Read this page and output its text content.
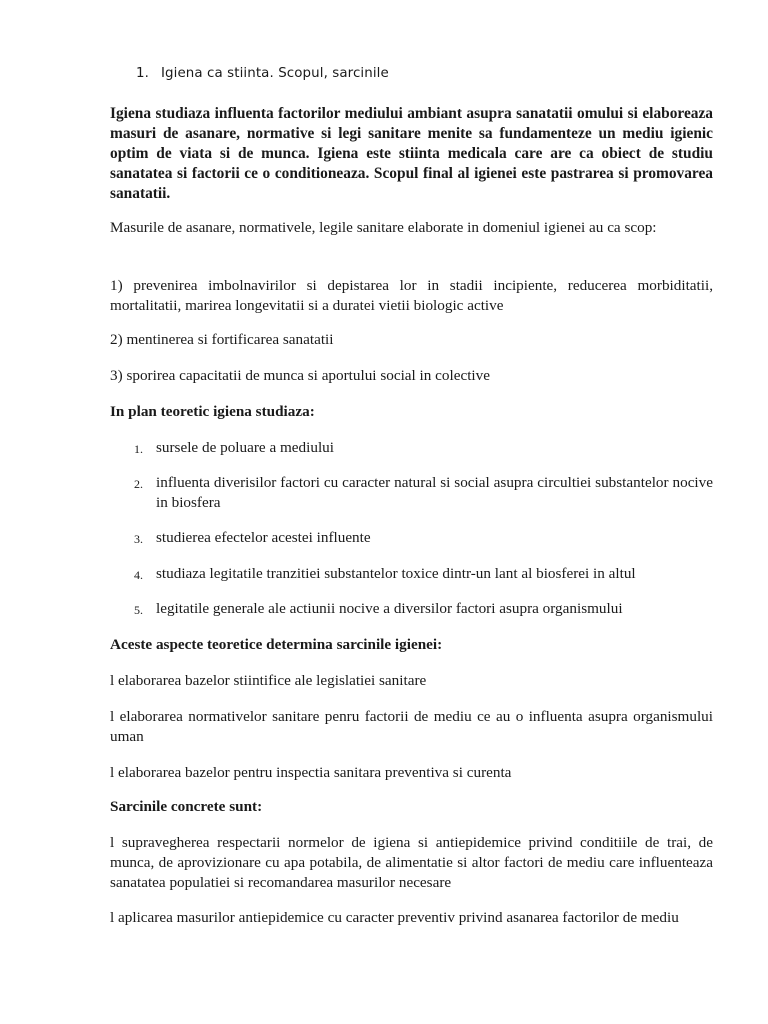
1. Igiena ca stiinta. Scopul, sarcinile

Igiena studiaza influenta factorilor mediului ambiant asupra sanatatii omului si elaboreaza masuri de asanare, normative si legi sanitare menite sa fundamenteze un mediu igienic optim de viata si de munca. Igiena este stiinta medicala care are ca obiect de studiu sanatatea si factorii ce o conditioneaza. Scopul final al igienei este pastrarea si promovarea sanatatii.

Masurile de asanare, normativele, legile sanitare elaborate in domeniul igienei au ca scop:

1) prevenirea imbolnavirilor si depistarea lor in stadii incipiente, reducerea morbiditatii, mortalitatii, marirea longevitatii si a duratei vietii biologic active

2) mentinerea si fortificarea sanatatii

3) sporirea capacitatii de munca si aportului social in colective

In plan teoretic igiena studiaza:

1. sursele de poluare a mediului
2. influenta diverisilor factori cu caracter natural si social asupra circultiei substantelor nocive in biosfera
3. studierea efectelor acestei influente
4. studiaza legitatile tranzitiei substantelor toxice dintr-un lant al biosferei in altul
5. legitatile generale ale actiunii nocive a diversilor factori asupra organismului

Aceste aspecte teoretice determina sarcinile igienei:

l elaborarea bazelor stiintifice ale legislatiei sanitare

l elaborarea normativelor sanitare penru factorii de mediu ce au o influenta asupra organismului uman

l elaborarea bazelor pentru inspectia sanitara preventiva si curenta

Sarcinile concrete sunt:

l supravegherea respectarii normelor de igiena si antiepidemice privind conditiile de trai, de munca, de aprovizionare cu apa potabila, de alimentatie si altor factori de mediu care influenteaza sanatatea populatiei si recomandarea masurilor necesare

l aplicarea masurilor antiepidemice cu caracter preventiv privind asanarea factorilor de mediu
